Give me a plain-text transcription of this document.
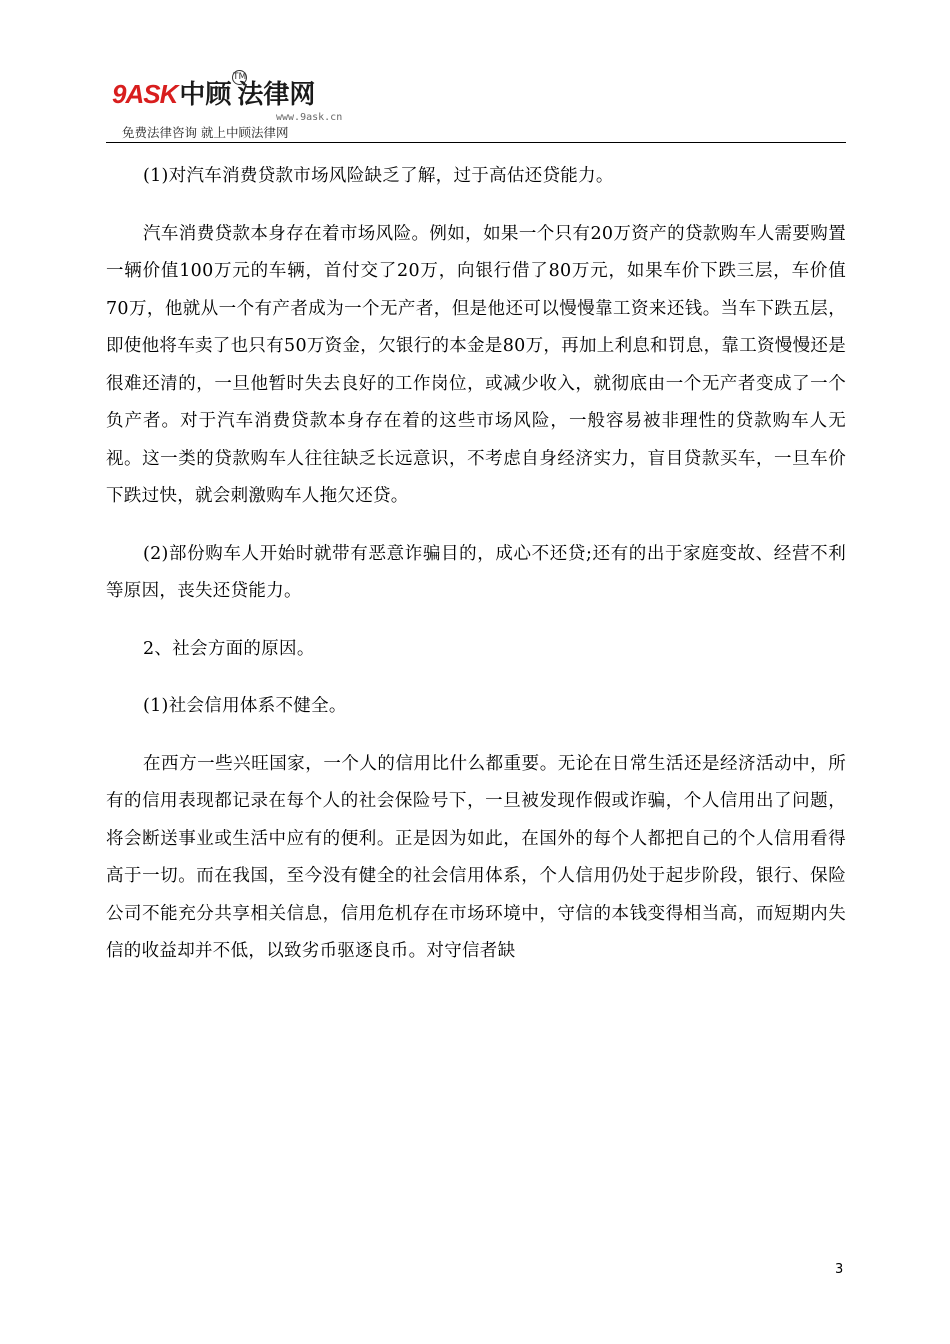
9ASK中顾 法律网
TM
www.9ask.cn
免费法律咨询 就上中顾法律网

(1)对汽车消费贷款市场风险缺乏了解，过于高估还贷能力。

汽车消费贷款本身存在着市场风险。例如，如果一个只有20万资产的贷款购车人需要购置一辆价值100万元的车辆，首付交了20万，向银行借了80万元，如果车价下跌三层，车价值70万，他就从一个有产者成为一个无产者，但是他还可以慢慢靠工资来还钱。当车下跌五层，即使他将车卖了也只有50万资金，欠银行的本金是80万，再加上利息和罚息，靠工资慢慢还是很难还清的，一旦他暂时失去良好的工作岗位，或减少收入，就彻底由一个无产者变成了一个负产者。对于汽车消费贷款本身存在着的这些市场风险，一般容易被非理性的贷款购车人无视。这一类的贷款购车人往往缺乏长远意识，不考虑自身经济实力，盲目贷款买车，一旦车价下跌过快，就会刺激购车人拖欠还贷。

(2)部份购车人开始时就带有恶意诈骗目的，成心不还贷;还有的出于家庭变故、经营不利等原因，丧失还贷能力。

2、社会方面的原因。

(1)社会信用体系不健全。

在西方一些兴旺国家，一个人的信用比什么都重要。无论在日常生活还是经济活动中，所有的信用表现都记录在每个人的社会保险号下，一旦被发现作假或诈骗，个人信用出了问题，将会断送事业或生活中应有的便利。正是因为如此，在国外的每个人都把自己的个人信用看得高于一切。而在我国，至今没有健全的社会信用体系，个人信用仍处于起步阶段，银行、保险公司不能充分共享相关信息，信用危机存在市场环境中，守信的本钱变得相当高，而短期内失信的收益却并不低，以致劣币驱逐良币。对守信者缺

3
